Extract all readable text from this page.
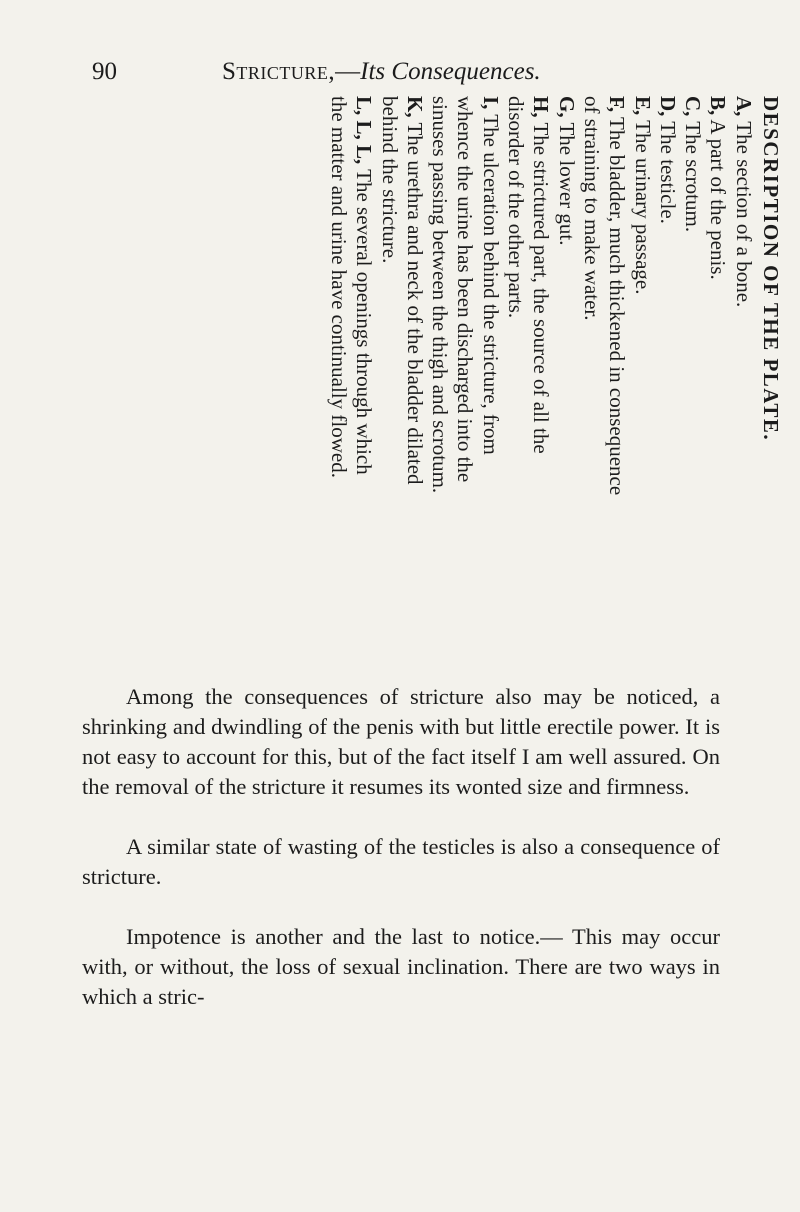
90	Stricture,—Its Consequences.
DESCRIPTION OF THE PLATE.
A, The section of a bone.
B, A part of the penis.
C, The scrotum.
D, The testicle.
E, The urinary passage.
F, The bladder, much thickened in consequence
of straining to make water.
G, The lower gut.
H, The strictured part, the source of all the
disorder of the other parts.
I, The ulceration behind the stricture, from
whence the urine has been discharged into the
sinuses passing between the thigh and scrotum.
K, The urethra and neck of the bladder dilated
behind the stricture.
L, L, L, The several openings through which
the matter and urine have continually flowed.

Among the consequences of stricture also may be noticed, a shrinking and dwindling of the penis with but little erectile power. It is not easy to account for this, but of the fact itself I am well assured. On the removal of the stricture it resumes its wonted size and firmness.

A similar state of wasting of the testicles is also a consequence of stricture.

Impotence is another and the last to notice.— This may occur with, or without, the loss of sexual inclination. There are two ways in which a stric-
